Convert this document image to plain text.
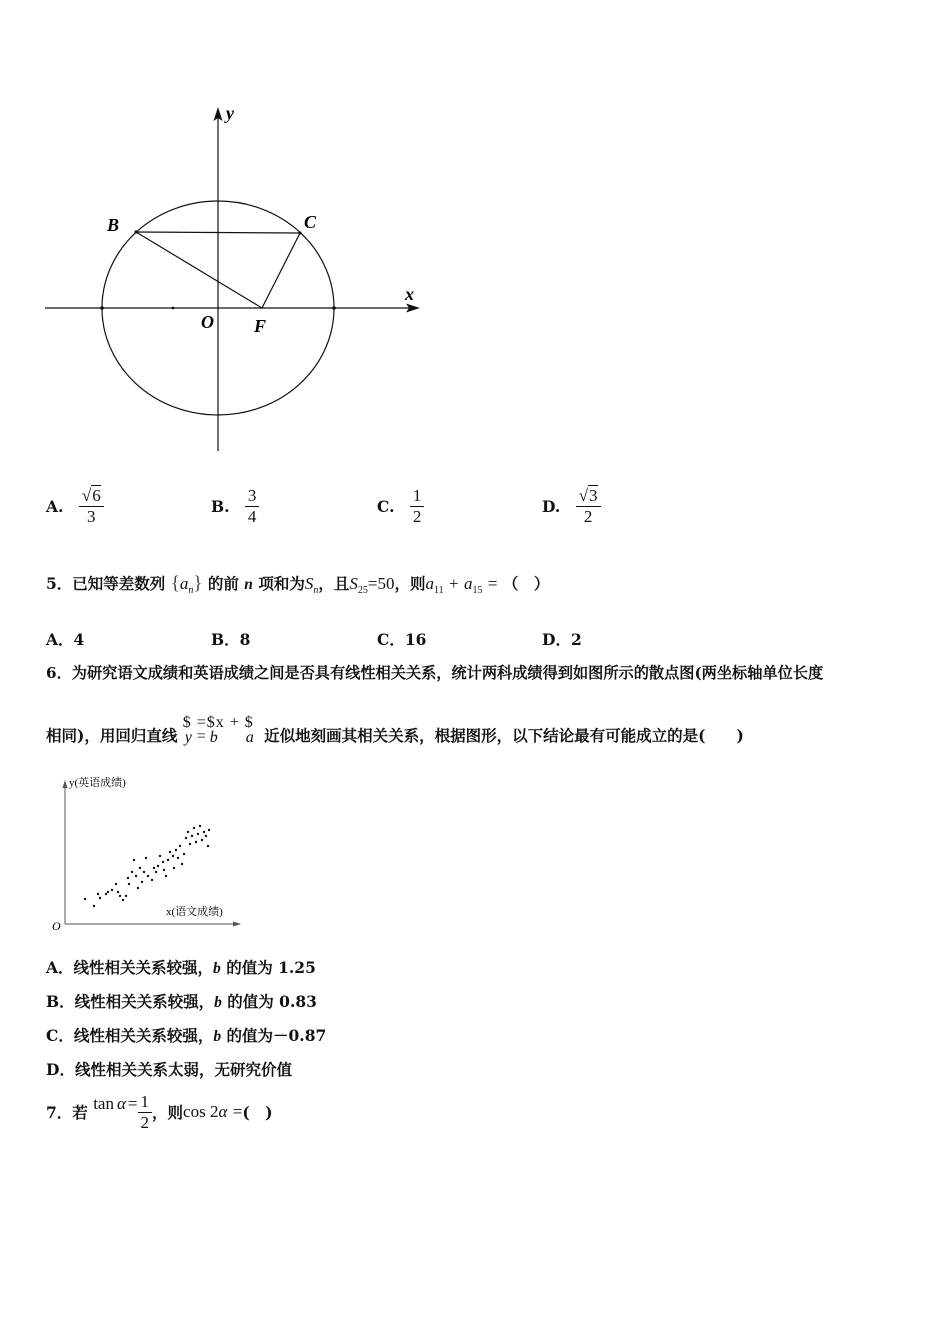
y
x
O
B	C
F
A. $\frac{√6}{3}$	B. $\frac{3}{4}$	C. $\frac{1}{2}$	D. $\frac{√3}{2}$
5．已知等差数列 $\{a_n\}$ 的前 n 项和为$S_n$，且$S_{25}=50$，则$a_{11} + a_{15}$ = （　）
A．4	B．8	C．16	D．2
6．为研究语文成绩和英语成绩之间是否具有线性相关关系，统计两科成绩得到如图所示的散点图(两坐标轴单位长度
相同)，用回归直线
$ =$x + $
y = b a 近似地刻画其相关关系，根据图形，以下结论最有可能成立的是(　　)
y(英语成绩)
x(语文成绩)
O
A．线性相关关系较强，b 的值为 1.25
B．线性相关关系较强，b 的值为 0.83
C．线性相关关系较强，b 的值为－0.87
D．线性相关关系太弱，无研究价值
7．若 $\tan \alpha = \frac{1}{2}$ ，则cos 2α =(　)
